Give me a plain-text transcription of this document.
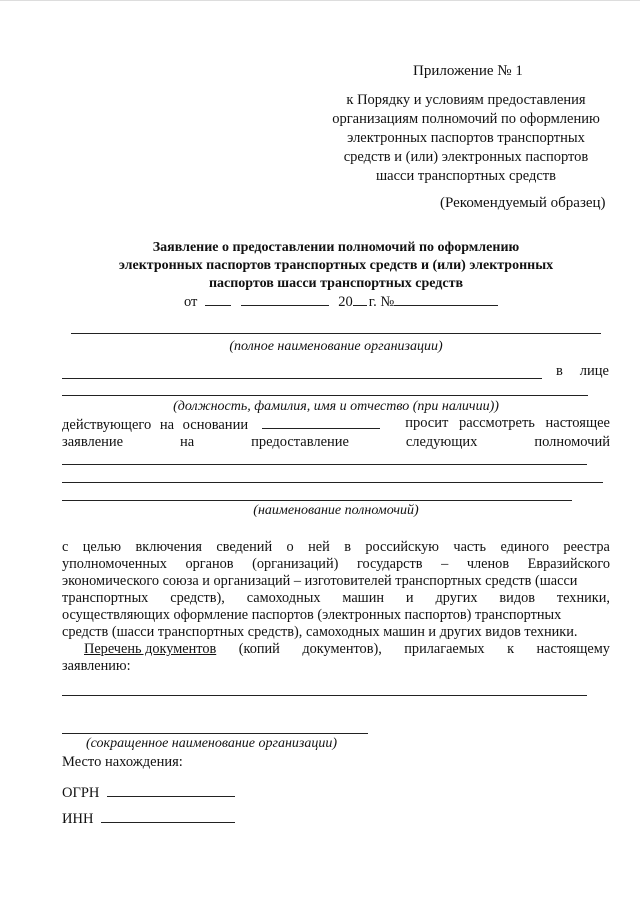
Приложение № 1
к Порядку и условиям предоставления
организациям полномочий по оформлению
электронных паспортов транспортных
средств и (или) электронных паспортов
шасси транспортных средств
(Рекомендуемый образец)
Заявление о предоставлении полномочий по оформлению
электронных паспортов транспортных средств и (или) электронных
паспортов шасси транспортных средств
от	20 г. №
(полное наименование организации)
в лице
(должность, фамилия, имя и отчество (при наличии))
действующего на основании	просит рассмотреть настоящее
заявление	на	предоставление	следующих	полномочий
(наименование полномочий)
с целью включения сведений о ней в российскую часть единого реестра
уполномоченных органов (организаций) государств – членов Евразийского
экономического союза и организаций – изготовителей транспортных средств (шасси
транспортных средств), самоходных машин и других видов техники,
осуществляющих оформление паспортов (электронных паспортов) транспортных
средств (шасси транспортных средств), самоходных машин и других видов техники.
Перечень документов (копий документов), прилагаемых к настоящему
заявлению:
(сокращенное наименование организации)
Место нахождения:
ОГРН
ИНН
